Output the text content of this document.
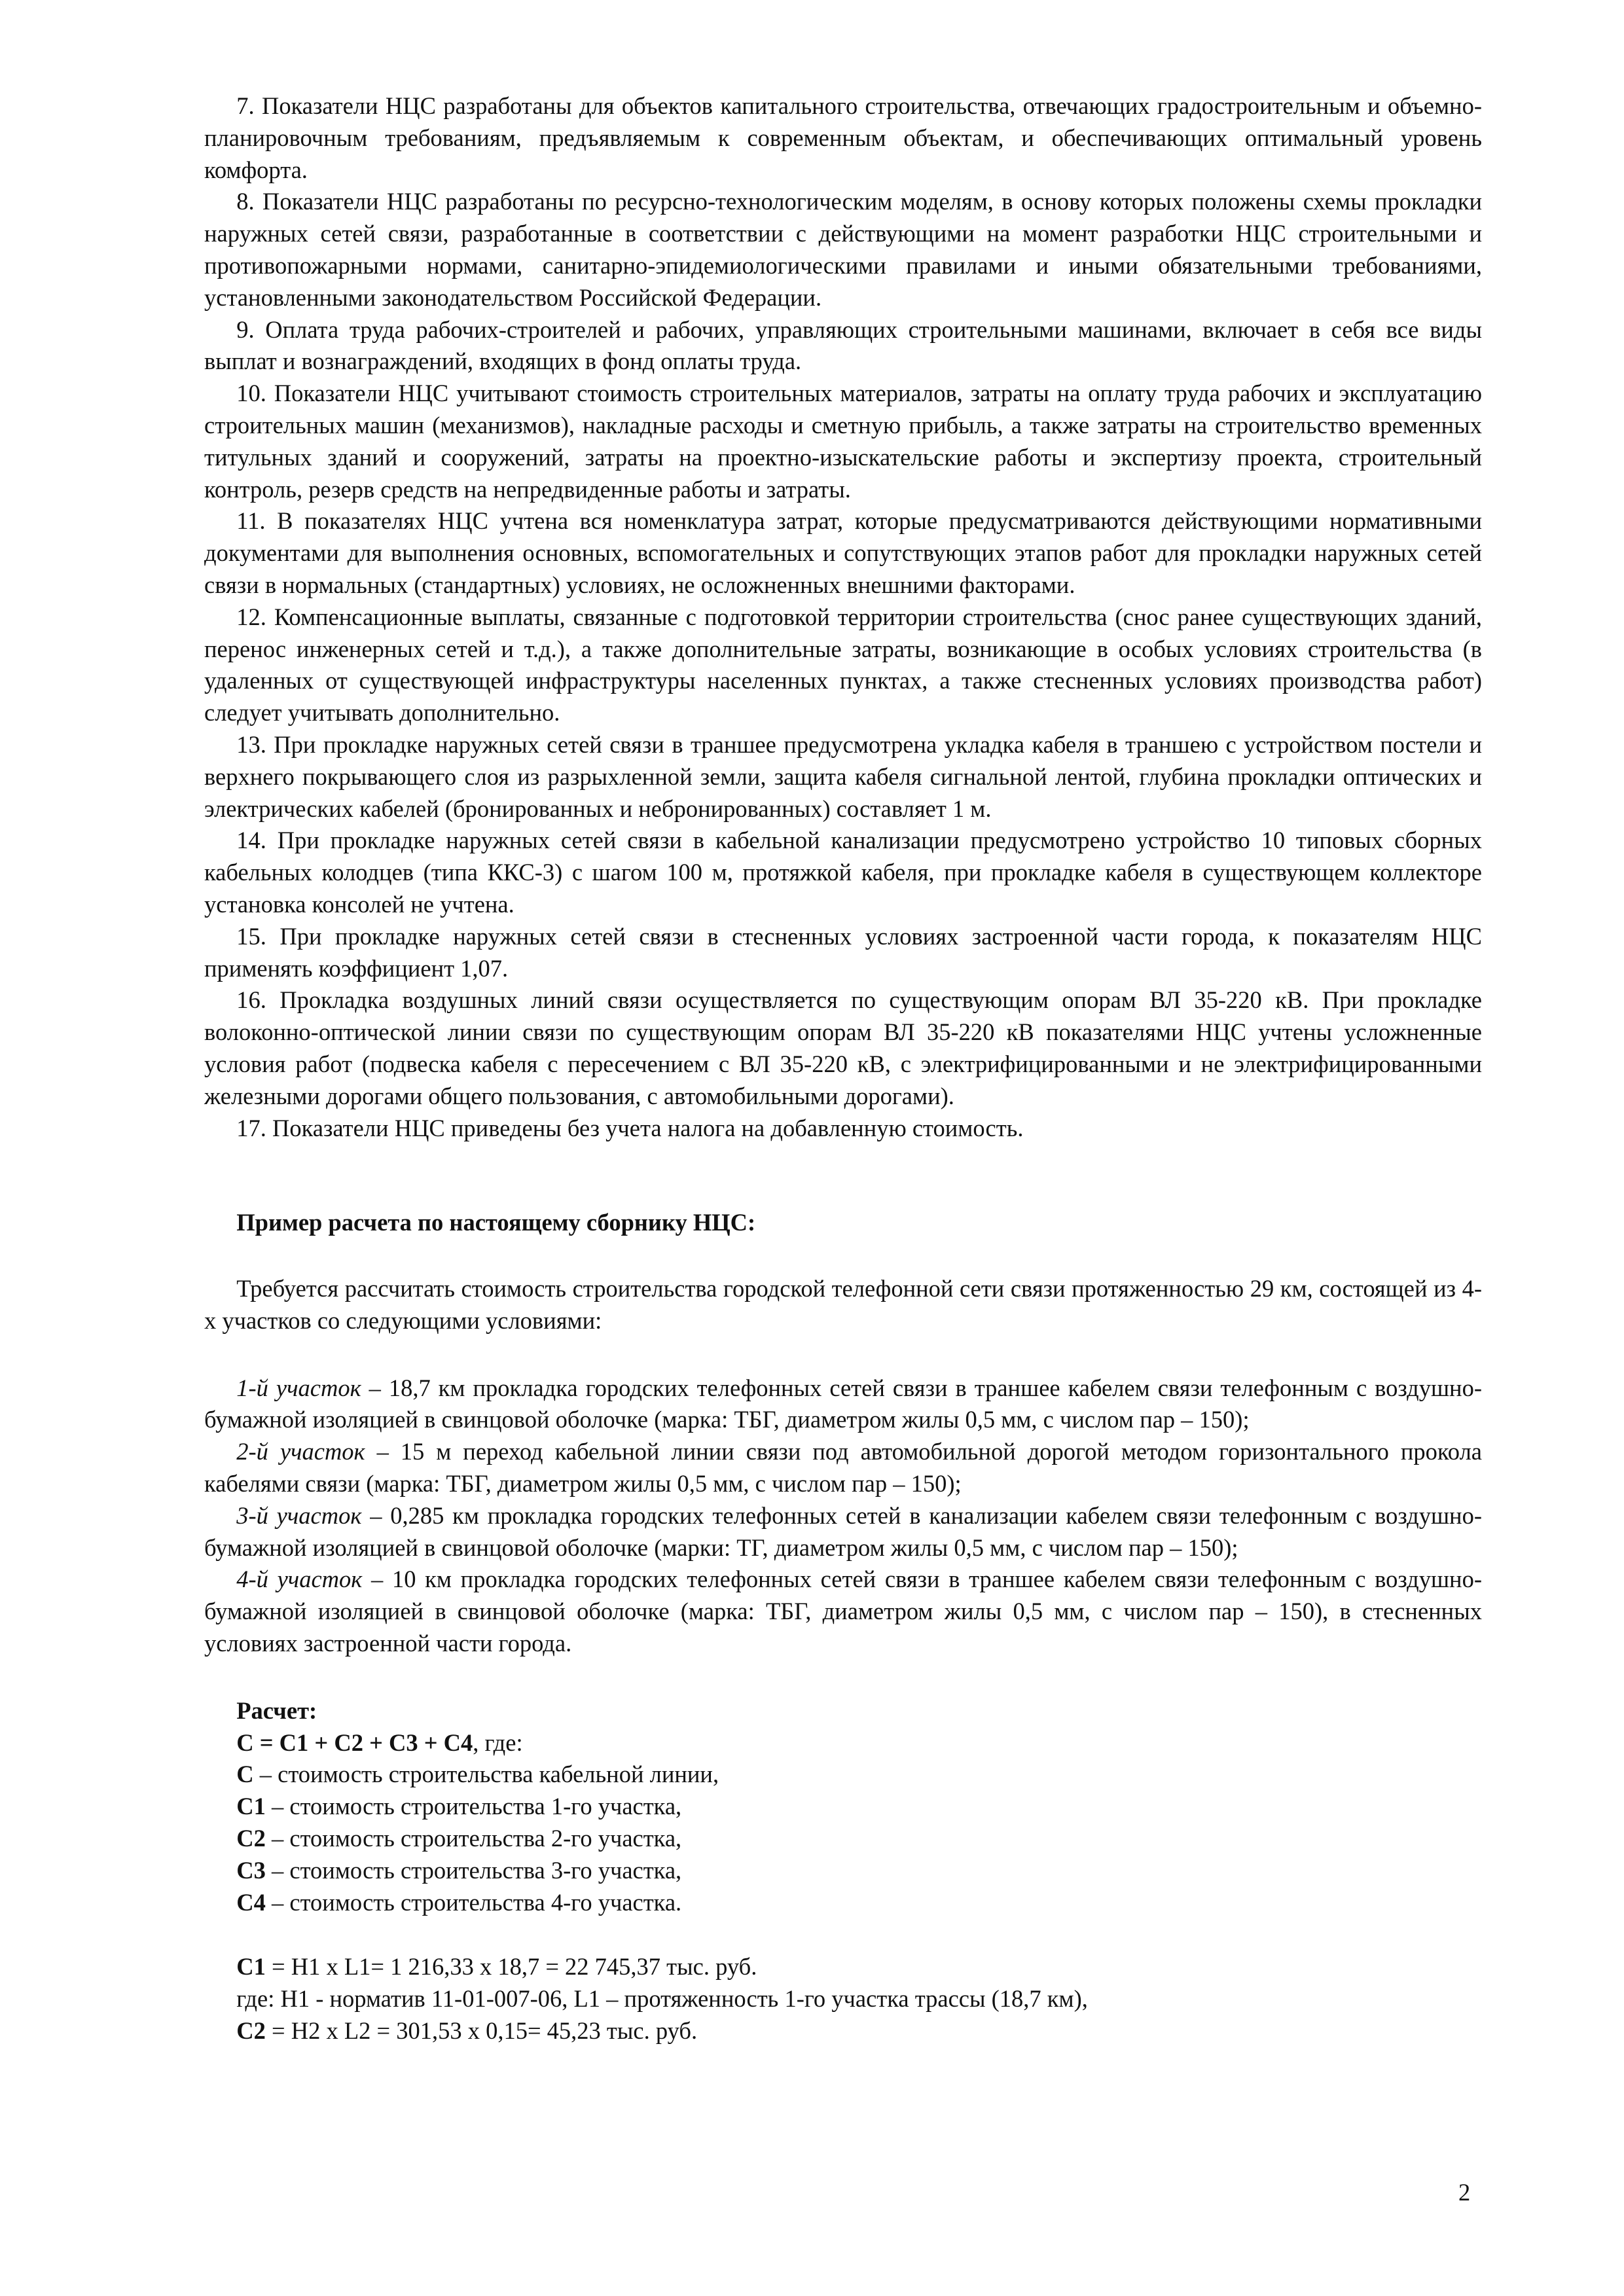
7. Показатели НЦС разработаны для объектов капитального строительства, отвечающих градостроительным и объемно-планировочным требованиям, предъявляемым к современным объектам, и обеспечивающих оптимальный уровень комфорта.

8. Показатели НЦС разработаны по ресурсно-технологическим моделям, в основу которых положены схемы прокладки наружных сетей связи, разработанные в соответствии с действующими на момент разработки НЦС строительными и противопожарными нормами, санитарно-эпидемиологическими правилами и иными обязательными требованиями, установленными законодательством Российской Федерации.

9. Оплата труда рабочих-строителей и рабочих, управляющих строительными машинами, включает в себя все виды выплат и вознаграждений, входящих в фонд оплаты труда.

10. Показатели НЦС учитывают стоимость строительных материалов, затраты на оплату труда рабочих и эксплуатацию строительных машин (механизмов), накладные расходы и сметную прибыль, а также затраты на строительство временных титульных зданий и сооружений, затраты на проектно-изыскательские работы и экспертизу проекта, строительный контроль, резерв средств на непредвиденные работы и затраты.

11. В показателях НЦС учтена вся номенклатура затрат, которые предусматриваются действующими нормативными документами для выполнения основных, вспомогательных и сопутствующих этапов работ для прокладки наружных сетей связи в нормальных (стандартных) условиях, не осложненных внешними факторами.

12. Компенсационные выплаты, связанные с подготовкой территории строительства (снос ранее существующих зданий, перенос инженерных сетей и т.д.), а также дополнительные затраты, возникающие в особых условиях строительства (в удаленных от существующей инфраструктуры населенных пунктах, а также стесненных условиях производства работ) следует учитывать дополнительно.

13. При прокладке наружных сетей связи в траншее предусмотрена укладка кабеля в траншею с устройством постели и верхнего покрывающего слоя из разрыхленной земли, защита кабеля сигнальной лентой, глубина прокладки оптических и электрических кабелей (бронированных и небронированных) составляет 1 м.

14. При прокладке наружных сетей связи в кабельной канализации предусмотрено устройство 10 типовых сборных кабельных колодцев (типа ККС-3) с шагом 100 м, протяжкой кабеля, при прокладке кабеля в существующем коллекторе установка консолей не учтена.

15. При прокладке наружных сетей связи в стесненных условиях застроенной части города, к показателям НЦС применять коэффициент 1,07.

16. Прокладка воздушных линий связи осуществляется по существующим опорам ВЛ 35-220 кВ. При прокладке волоконно-оптической линии связи по существующим опорам ВЛ 35-220 кВ показателями НЦС учтены усложненные условия работ (подвеска кабеля с пересечением с ВЛ 35-220 кВ, с электрифицированными и не электрифицированными железными дорогами общего пользования, с автомобильными дорогами).

17. Показатели НЦС приведены без учета налога на добавленную стоимость.

Пример расчета по настоящему сборнику НЦС:

Требуется рассчитать стоимость строительства городской телефонной сети связи протяженностью 29 км, состоящей из 4-х участков со следующими условиями:

1-й участок – 18,7 км прокладка городских телефонных сетей связи в траншее кабелем связи телефонным с воздушно-бумажной изоляцией в свинцовой оболочке (марка: ТБГ, диаметром жилы 0,5 мм, с числом пар – 150);

2-й участок – 15 м переход кабельной линии связи под автомобильной дорогой методом горизонтального прокола кабелями связи (марка: ТБГ, диаметром жилы 0,5 мм, с числом пар – 150);

3-й участок – 0,285 км прокладка городских телефонных сетей в канализации кабелем связи телефонным с воздушно-бумажной изоляцией в свинцовой оболочке (марки: ТГ, диаметром жилы 0,5 мм, с числом пар – 150);

4-й участок – 10 км прокладка городских телефонных сетей связи в траншее кабелем связи телефонным с воздушно-бумажной изоляцией в свинцовой оболочке (марка: ТБГ, диаметром жилы 0,5 мм, с числом пар – 150), в стесненных условиях застроенной части города.

Расчет:

С = С1 + С2 + С3 + С4, где:

С – стоимость строительства кабельной линии,

С1 – стоимость строительства 1-го участка,

С2 – стоимость строительства 2-го участка,

С3 – стоимость строительства 3-го участка,

С4 – стоимость строительства 4-го участка.

С1 = Н1 х L1= 1 216,33 х 18,7 = 22 745,37 тыс. руб.

где: Н1 - норматив 11-01-007-06, L1 – протяженность 1-го участка трассы (18,7 км),

С2 = Н2 х L2 = 301,53 х 0,15= 45,23 тыс. руб.

2
